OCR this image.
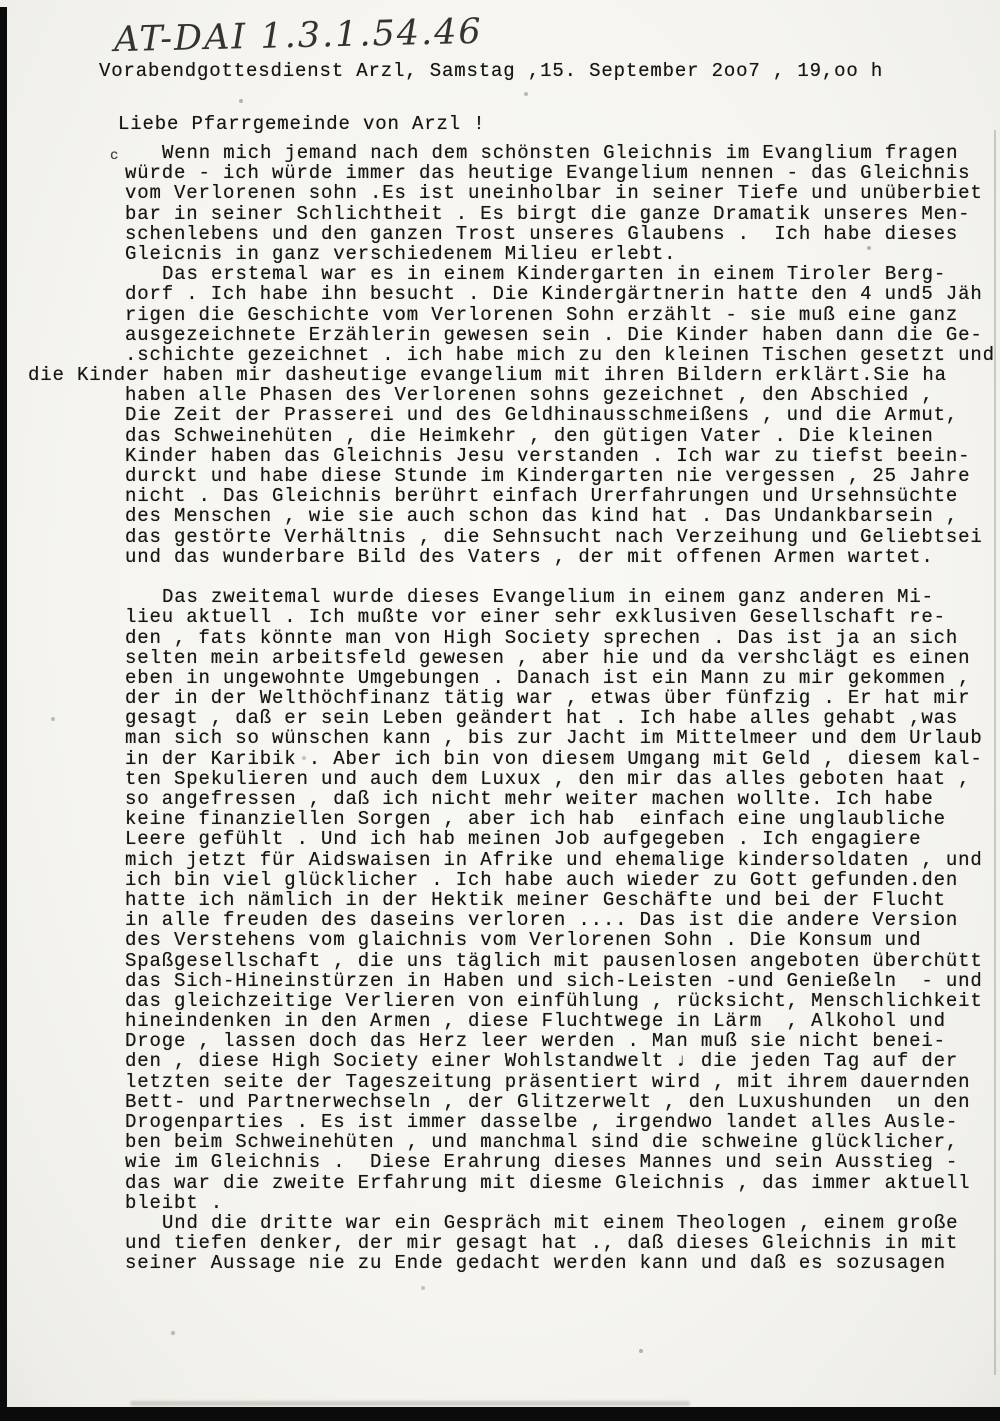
AT-DAI 1.3.1.54.46
Vorabendgottesdienst Arzl, Samstag ,15. September 2oo7 , 19,oo h
Liebe Pfarrgemeinde von Arzl !
c	Wenn mich jemand nach dem schönsten Gleichnis im Evanglium fragen
würde - ich würde immer das heutige Evangelium nennen - das Gleichnis
vom Verlorenen sohn .Es ist uneinholbar in seiner Tiefe und unüberbiet
bar in seiner Schlichtheit . Es birgt die ganze Dramatik unseres Men-
schenlebens und den ganzen Trost unseres Glaubens .  Ich habe dieses
Gleicnis in ganz verschiedenem Milieu erlebt.
Das erstemal war es in einem Kindergarten in einem Tiroler Berg-
dorf . Ich habe ihn besucht . Die Kindergärtnerin hatte den 4 und5 Jäh
rigen die Geschichte vom Verlorenen Sohn erzählt - sie muß eine ganz
ausgezeichnete Erzählerin gewesen sein . Die Kinder haben dann die Ge-
.schichte gezeichnet . ich habe mich zu den kleinen Tischen gesetzt und
die Kinder haben mir dasheutige evangelium mit ihren Bildern erklärt.Sie ha
haben alle Phasen des Verlorenen sohns gezeichnet , den Abschied ,
Die Zeit der Prasserei und des Geldhinausschmeißens , und die Armut,
das Schweinehüten , die Heimkehr , den gütigen Vater . Die kleinen
Kinder haben das Gleichnis Jesu verstanden . Ich war zu tiefst beein-
durckt und habe diese Stunde im Kindergarten nie vergessen , 25 Jahre
nicht . Das Gleichnis berührt einfach Urerfahrungen und Ursehnsüchte
des Menschen , wie sie auch schon das kind hat . Das Undankbarsein ,
das gestörte Verhältnis , die Sehnsucht nach Verzeihung und Geliebtsei
und das wunderbare Bild des Vaters , der mit offenen Armen wartet.
Das zweitemal wurde dieses Evangelium in einem ganz anderen Mi-
lieu aktuell . Ich mußte vor einer sehr exklusiven Gesellschaft re-
den , fats könnte man von High Society sprechen . Das ist ja an sich
selten mein arbeitsfeld gewesen , aber hie und da vershclägt es einen
eben in ungewohnte Umgebungen . Danach ist ein Mann zu mir gekommen ,
der in der Welthöchfinanz tätig war , etwas über fünfzig . Er hat mir
gesagt , daß er sein Leben geändert hat . Ich habe alles gehabt ,was
man sich so wünschen kann , bis zur Jacht im Mittelmeer und dem Urlaub
in der Karibik . Aber ich bin von diesem Umgang mit Geld , diesem kal-
ten Spekulieren und auch dem Luxux , den mir das alles geboten haat ,
so angefressen , daß ich nicht mehr weiter machen wollte. Ich habe
keine finanziellen Sorgen , aber ich hab  einfach eine unglaubliche
Leere gefühlt . Und ich hab meinen Job aufgegeben . Ich engagiere
mich jetzt für Aidswaisen in Afrike und ehemalige kindersoldaten , und
ich bin viel glücklicher . Ich habe auch wieder zu Gott gefunden.den
hatte ich nämlich in der Hektik meiner Geschäfte und bei der Flucht
in alle freuden des daseins verloren .... Das ist die andere Version
des Verstehens vom glaichnis vom Verlorenen Sohn . Die Konsum und
Spaßgesellschaft , die uns täglich mit pausenlosen angeboten überchütt
das Sich-Hineinstürzen in Haben und sich-Leisten -und Genießeln  - und
das gleichzeitige Verlieren von einfühlung , rücksicht, Menschlichkeit
hineindenken in den Armen , diese Fluchtwege in Lärm  , Alkohol und
Droge , lassen doch das Herz leer werden . Man muß sie nicht benei-
den , diese High Society einer Wohlstandwelt ♩ die jeden Tag auf der
letzten seite der Tageszeitung präsentiert wird , mit ihrem dauernden
Bett- und Partnerwechseln , der Glitzerwelt , den Luxushunden  un den
Drogenparties . Es ist immer dasselbe , irgendwo landet alles Ausle-
ben beim Schweinehüten , und manchmal sind die schweine glücklicher,
wie im Gleichnis .  Diese Erahrung dieses Mannes und sein Ausstieg -
das war die zweite Erfahrung mit diesme Gleichnis , das immer aktuell
bleibt .
Und die dritte war ein Gespräch mit einem Theologen , einem große
und tiefen denker, der mir gesagt hat ., daß dieses Gleichnis in mit
seiner Aussage nie zu Ende gedacht werden kann und daß es sozusagen
